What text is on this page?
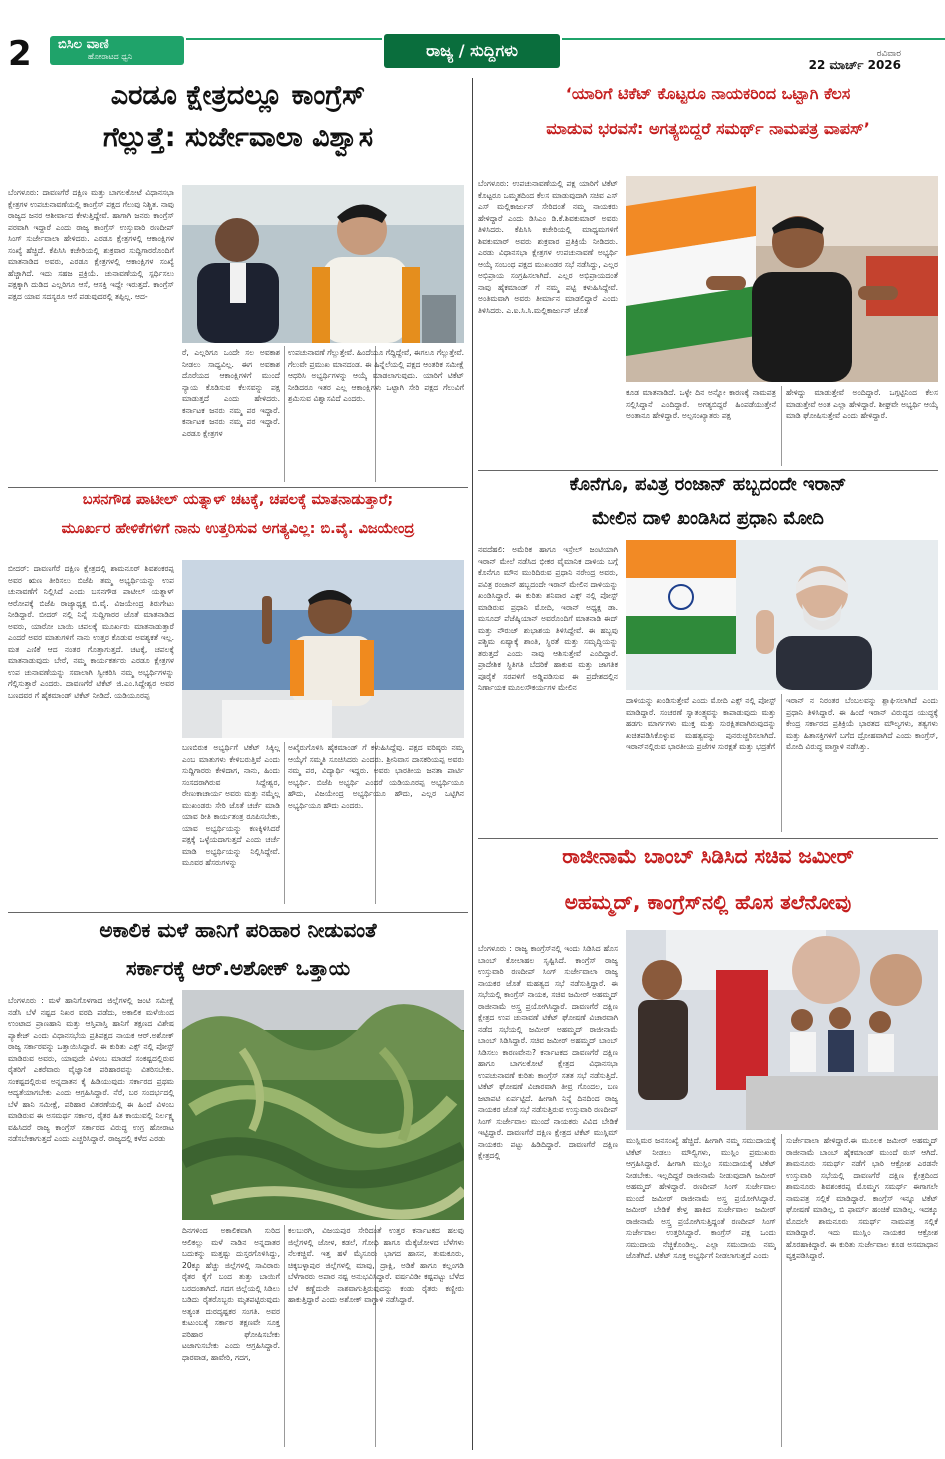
2 ಬಿಸಿಲ ವಾಣಿ
ಹೋರಾಟದ ಧ್ವನಿ	ರಾಜ್ಯ / ಸುದ್ದಿಗಳು	ರವಿವಾರ
22 ಮಾರ್ಚ್ 2026
ಎರಡೂ ಕ್ಷೇತ್ರದಲ್ಲೂ ಕಾಂಗ್ರೆಸ್
ಗೆಲ್ಲುತ್ತೆ: ಸುರ್ಜೇವಾಲಾ ವಿಶ್ವಾಸ
ಬೆಂಗಳೂರು: ದಾವಣಗೆರೆ ದಕ್ಷಿಣ ಮತ್ತು ಬಾಗಲಕೋಟೆ ವಿಧಾನಸಭಾ ಕ್ಷೇತ್ರಗಳ ಉಪಚುನಾವಣೆಯಲ್ಲಿ ಕಾಂಗ್ರೆಸ್ ಪಕ್ಷದ ಗೆಲುವು ನಿಶ್ಚಿತ. ನಾವು ರಾಜ್ಯದ ಜನರ ಆಶೀರ್ವಾದ ಕೇಳುತ್ತಿದ್ದೇವೆ. ಹಾಗಾಗಿ ಜನರು ಕಾಂಗ್ರೆಸ್ ಪರವಾಗಿ ಇದ್ದಾರೆ ಎಂದು ರಾಜ್ಯ ಕಾಂಗ್ರೆಸ್ ಉಸ್ತುವಾರಿ ರಣದೀಪ್ ಸಿಂಗ್ ಸುರ್ಜೇವಾಲಾ ಹೇಳಿದರು. ಎರಡೂ ಕ್ಷೇತ್ರಗಳಲ್ಲಿ ಆಕಾಂಕ್ಷಿಗಳ ಸಂಖ್ಯೆ ಹೆಚ್ಚಿದೆ. ಕೆಪಿಸಿಸಿ ಕಚೇರಿಯಲ್ಲಿ ಶುಕ್ರವಾರ ಸುದ್ದಿಗಾರರೊಂದಿಗೆ ಮಾತನಾಡಿದ ಅವರು, ಎರಡೂ ಕ್ಷೇತ್ರಗಳಲ್ಲಿ ಆಕಾಂಕ್ಷಿಗಳ ಸಂಖ್ಯೆ ಹೆಚ್ಚಾಗಿದೆ. ಇದು ಸಹಜ ಪ್ರಕ್ರಿಯೆ. ಚುನಾವಣೆಯಲ್ಲಿ ಸ್ಪರ್ಧಿಸಲು ಪಕ್ಷಕ್ಕಾಗಿ ದುಡಿದ ಎಲ್ಲರಿಗೂ ಆಸೆ, ಆಸಕ್ತಿ ಇದ್ದೇ ಇರುತ್ತದೆ. ಕಾಂಗ್ರೆಸ್ ಪಕ್ಷದ ಯಾವ ಸದಸ್ಯರೂ ಆಸೆ ಪಡುವುದರಲ್ಲಿ ತಪ್ಪಿಲ್ಲ. ಆದ-
ರೆ, ಎಲ್ಲರಿಗೂ ಒಂದೇ ಸಲ ಅವಕಾಶ ನೀಡಲು ಸಾಧ್ಯವಿಲ್ಲ. ಈಗ ಅವಕಾಶ ದೊರೆಯದ ಆಕಾಂಕ್ಷಿಗಳಿಗೆ ಮುಂದೆ ನ್ಯಾಯ ಕೊಡಿಸುವ ಕೆಲಸವನ್ನು ಪಕ್ಷ ಮಾಡುತ್ತದೆ ಎಂದು ಹೇಳಿದರು. ಕರ್ನಾಟಕ ಜನರು ನಮ್ಮ ಪರ ಇದ್ದಾರೆ. ಕರ್ನಾಟಕ ಜನರು ನಮ್ಮ ಪರ ಇದ್ದಾರೆ. ಎರಡೂ ಕ್ಷೇತ್ರಗಳ
ಉಪಚುನಾವಣೆ ಗೆಲ್ಲುತ್ತೇವೆ. ಹಿಂದೆಯೂ ಗೆದ್ದಿದ್ದೇವೆ, ಈಗಲೂ ಗೆಲ್ಲುತ್ತೇವೆ. ಗೆಲುವೇ ಪ್ರಮುಖ ಮಾನದಂಡ. ಈ ಹಿನ್ನೆಲೆಯಲ್ಲಿ ಪಕ್ಷದ ಆಂತರಿಕ ಸಮೀಕ್ಷೆ ಆಧರಿಸಿ ಅಭ್ಯರ್ಥಿಗಳನ್ನು ಆಯ್ಕೆ ಮಾಡಲಾಗುವುದು. ಯಾರಿಗೆ ಟಿಕೆಟ್ ನೀಡಿದರೂ ಇತರ ಎಲ್ಲ ಆಕಾಂಕ್ಷಿಗಳು ಒಟ್ಟಾಗಿ ಸೇರಿ ಪಕ್ಷದ ಗೆಲುವಿಗೆ ಶ್ರಮಿಸುವ ವಿಶ್ವಾಸವಿದೆ ಎಂದರು.
ಬಸನಗೌಡ ಪಾಟೀಲ್ ಯತ್ನಾಳ್ ಚಟಕ್ಕೆ, ಚಪಲಕ್ಕೆ ಮಾತನಾಡುತ್ತಾರೆ;
ಮೂರ್ಖರ ಹೇಳಿಕೆಗಳಿಗೆ ನಾನು ಉತ್ತರಿಸುವ ಅಗತ್ಯವಿಲ್ಲ: ಬಿ.ವೈ. ವಿಜಯೇಂದ್ರ
ಬೀದರ್: ದಾವಣಗೆರೆ ದಕ್ಷಿಣ ಕ್ಷೇತ್ರದಲ್ಲಿ ಶಾಮನೂರ್ ಶಿವಶಂಕರಪ್ಪ ಅವರ ಋಣ ತೀರಿಸಲು ಬಿಜೆಪಿ ತಮ್ಮ ಅಭ್ಯರ್ಥಿಯನ್ನು ಉಪ ಚುನಾವಣೆಗೆ ನಿಲ್ಲಿಸಿದೆ ಎಂದು ಬಸನಗೌಡ ಪಾಟೀಲ್ ಯತ್ನಾಳ್ ಆರೋಪಕ್ಕೆ ಬಿಜೆಪಿ ರಾಜ್ಯಾಧ್ಯಕ್ಷ ಬಿ.ವೈ. ವಿಜಯೇಂದ್ರ ತಿರುಗೇಟು ನೀಡಿದ್ದಾರೆ. ಬೀದರ್ ನಲ್ಲಿ ನಿನ್ನೆ ಸುದ್ದಿಗಾರರ ಜೊತೆ ಮಾತನಾಡಿದ ಅವರು, ಯಾರೋ ಬಾಯಿ ಚಪಲಕ್ಕೆ ಮೂರ್ಖರು ಮಾತನಾಡುತ್ತಾರೆ ಎಂದರೆ ಅವರ ಮಾತುಗಳಿಗೆ ನಾನು ಉತ್ತರ ಕೊಡುವ ಅವಶ್ಯಕತೆ ಇಲ್ಲ. ಮತ ಎಣಿಕೆ ಆದ ನಂತರ ಗೊತ್ತಾಗುತ್ತದೆ. ಚಟಕ್ಕೆ, ಚಪಲಕ್ಕೆ ಮಾತನಾಡುವುದು ಬೇರೆ, ನಮ್ಮ ಕಾರ್ಯಕರ್ತರು ಎರಡೂ ಕ್ಷೇತ್ರಗಳ ಉಪ ಚುನಾವಣೆಯನ್ನು ಸವಾಲಾಗಿ ಸ್ವೀಕರಿಸಿ ನಮ್ಮ ಅಭ್ಯರ್ಥಿಗಳನ್ನು ಗೆಲ್ಲಿಸುತ್ತಾರೆ ಎಂದರು. ದಾವಣಗೆರೆ ಟಿಕೆಟ್ ಜಿ.ಎಂ.ಸಿದ್ದೇಶ್ವರ ಅವರ ಬಣದವರ ಗೆ ಹೈಕಮಾಂಡ್ ಟಿಕೆಟ್ ನೀಡಿದೆ. ಯಡಿಯೂರಪ್ಪ
ಬಣಬಿರುಕ ಅಭ್ಯರ್ಥಿಗೆ ಟಿಕೆಟ್ ಸಿಕ್ಕಿಲ್ಲ ಎಂಬ ಮಾತುಗಳು ಕೇಳಿಬರುತ್ತಿವೆ ಎಂದು ಸುದ್ದಿಗಾರರು ಕೇಳಿದಾಗ, ನಾನು, ಹಿಂದು ಸಂಸದರಾಗಿರುವ ಸಿದ್ದೇಶ್ವರ, ರೇಣುಕಾಚಾರ್ಯ ಅವರು ಮತ್ತು ನಮ್ಮೆಲ್ಲ ಮುಖಂಡರು ಸೇರಿ ಜೊತೆ ಚರ್ಚೆ ಮಾಡಿ ಯಾವ ರೀತಿ ಕಾರ್ಯತಂತ್ರ ರೂಪಿಸಬೇಕು, ಯಾವ ಅಭ್ಯರ್ಥಿಯನ್ನು ಕಣಕ್ಕಿಳಿಸಿದರೆ ಪಕ್ಷಕ್ಕೆ ಒಳ್ಳೆಯದಾಗುತ್ತದೆ ಎಂದು ಚರ್ಚೆ ಮಾಡಿ ಅಭ್ಯರ್ಥಿಯನ್ನು ನಿಲ್ಲಿಸಿದ್ದೇವೆ. ಮೂವರ ಹೆಸರುಗಳನ್ನು
ಅಖೈರುಗೊಳಿಸಿ ಹೈಕಮಾಂಡ್ ಗೆ ಕಳುಹಿಸಿದ್ದೆವು. ಪಕ್ಷದ ವರಿಷ್ಠರು ನಮ್ಮ ಆಯ್ಕೆಗೆ ಸಮ್ಮತಿ ಸೂಚಿಸಿದರು ಎಂದರು. ಶ್ರೀನಿವಾಸ ದಾಸಕರಿಯಪ್ಪ ಅವರು ನಮ್ಮ ಪರ, ವಿದ್ಯಾರ್ಥಿ ಇದ್ದರು. ಅವರು ಭಾರತೀಯ ಜನತಾ ಪಾರ್ಟಿ ಅಭ್ಯರ್ಥಿ. ಬಿಜೆಪಿ ಅಭ್ಯರ್ಥಿ ಎಂದರೆ ಯಡಿಯೂರಪ್ಪ ಅಭ್ಯರ್ಥಿಯೂ ಹೌದು, ವಿಜಯೇಂದ್ರ ಅಭ್ಯರ್ಥಿಯೂ ಹೌದು, ಎಲ್ಲರ ಒಟ್ಟಿಗಿನ ಅಭ್ಯರ್ಥಿಯೂ ಹೌದು ಎಂದರು.
ಅಕಾಲಿಕ ಮಳೆ ಹಾನಿಗೆ ಪರಿಹಾರ ನೀಡುವಂತೆ
ಸರ್ಕಾರಕ್ಕೆ ಆರ್.ಅಶೋಕ್ ಒತ್ತಾಯ
ಬೆಂಗಳೂರು : ಮಳೆ ಹಾನಿಗೊಳಗಾದ ಜಿಲ್ಲೆಗಳಲ್ಲಿ ಜಂಟಿ ಸಮೀಕ್ಷೆ ನಡೆಸಿ ಬೆಳೆ ನಷ್ಟದ ನಿಖರ ವರದಿ ಪಡೆದು, ಅಕಾಲಿಕ ಮಳೆಯಿಂದ ಉಂಟಾದ ಪ್ರಾಣಹಾನಿ ಮತ್ತು ಆಸ್ತಿಪಾಸ್ತಿ ಹಾನಿಗೆ ತಕ್ಷಣದ ವಿಶೇಷ ಪ್ಯಾಕೇಜ್ ಎಂದು ವಿಧಾನಸಭೆಯ ಪ್ರತಿಪಕ್ಷದ ನಾಯಕ ಆರ್.ಅಶೋಕ್ ರಾಜ್ಯ ಸರ್ಕಾರವನ್ನು ಒತ್ತಾಯಿಸಿದ್ದಾರೆ. ಈ ಕುರಿತು ಎಕ್ಸ್ ನಲ್ಲಿ ಪೋಸ್ಟ್ ಮಾಡಿರುವ ಅವರು, ಯಾವುದೇ ವಿಳಂಬ ಮಾಡದೆ ಸಂಕಷ್ಟದಲ್ಲಿರುವ ರೈತರಿಗೆ ಎಕರೆವಾರು ವೈಜ್ಞಾನಿಕ ಪರಿಹಾರವನ್ನು ವಿತರಿಸಬೇಕು. ಸಂಕಷ್ಟದಲ್ಲಿರುವ ಅನ್ನದಾತನ ಕೈ ಹಿಡಿಯುವುದು ಸರ್ಕಾರದ ಪ್ರಥಮ ಆದ್ಯತೆಯಾಗಬೇಕು ಎಂದು ಆಗ್ರಹಿಸಿದ್ದಾರೆ. ನೆರೆ, ಬರ ಸಂದರ್ಭದಲ್ಲಿ ಬೆಳೆ ಹಾನಿ ಸಮೀಕ್ಷೆ, ಪರಿಹಾರ ವಿತರಣೆಯಲ್ಲಿ ಈ ಹಿಂದೆ ವಿಳಂಬ ಮಾಡಿರುವ ಈ ಅಸಮರ್ಥ ಸರ್ಕಾರ, ರೈತರ ಹಿತ ಕಾಯುವಲ್ಲಿ ನಿರ್ಲಕ್ಷ್ಯ ವಹಿಸಿದರೆ ರಾಜ್ಯ ಕಾಂಗ್ರೆಸ್ ಸರ್ಕಾರದ ವಿರುದ್ಧ ಉಗ್ರ ಹೋರಾಟ ನಡೆಸಬೇಕಾಗುತ್ತದೆ ಎಂದು ಎಚ್ಚರಿಸಿದ್ದಾರೆ. ರಾಜ್ಯದಲ್ಲಿ ಕಳೆದ ಎರಡು
ದಿನಗಳಿಂದ ಅಕಾಲಿಕವಾಗಿ ಸುರಿದ ಆಲಿಕಲ್ಲು ಮಳೆ ನಾಡಿನ ಅನ್ನದಾತರ ಬದುಕನ್ನು ಮತ್ತಷ್ಟು ದುಸ್ತರಗೊಳಿಸಿದ್ದು, 20ಕ್ಕೂ ಹೆಚ್ಚು ಜಿಲ್ಲೆಗಳಲ್ಲಿ ಸಾವಿರಾರು ರೈತರ ಕೈಗೆ ಬಂದ ತುತ್ತು ಬಾಯಿಗೆ ಬರದಂತಾಗಿದೆ. ಗದಗ ಜಿಲ್ಲೆಯಲ್ಲಿ ಸಿಡಿಲು ಬಡಿದು ರೈತರೊಬ್ಬರು ಮೃತಪಟ್ಟಿರುವುದು ಅತ್ಯಂತ ದುರದೃಷ್ಟಕರ ಸಂಗತಿ. ಅವರ ಕುಟುಂಬಕ್ಕೆ ಸರ್ಕಾರ ತಕ್ಷಣವೇ ಸೂಕ್ತ ಪರಿಹಾರ ಘೋಷಿಸಬೇಕು ಟಜಾಗುಸಬೇಕು ಎಂದು ಆಗ್ರಹಿಸಿದ್ದಾರೆ. ಧಾರವಾಡ, ಹಾವೇರಿ, ಗದಗ,
ಕಲಬುರಗಿ, ವಿಜಯಪುರ ಸೇರಿದಂತೆ ಉತ್ತರ ಕರ್ನಾಟಕದ ಹಲವು ಜಿಲ್ಲೆಗಳಲ್ಲಿ ಜೋಳ, ಕಡಲೆ, ಗೋಧಿ ಹಾಗೂ ಮೆಕ್ಕೆಜೋಳದ ಬೆಳೆಗಳು ನೆಲಕಚ್ಚಿವೆ. ಇತ್ತ ಹಳೆ ಮೈಸೂರು ಭಾಗದ ಹಾಸನ, ತುಮಕೂರು, ಚಿಕ್ಕಬಳ್ಳಾಪುರ ಜಿಲ್ಲೆಗಳಲ್ಲಿ ಮಾವು, ದ್ರಾಕ್ಷಿ, ಅಡಿಕೆ ಹಾಗೂ ಕಲ್ಲಂಗಡಿ ಬೆಳೆಗಾರರು ಅಪಾರ ನಷ್ಟ ಅನುಭವಿಸಿದ್ದಾರೆ. ವರ್ಷವಿಡೀ ಕಷ್ಟಪಟ್ಟು ಬೆಳೆದ ಬೆಳೆ ಕಣ್ಣೆದುರೇ ನಾಶವಾಗುತ್ತಿರುವುದನ್ನು ಕಂಡು ರೈತರು ಕಣ್ಣೀರು ಹಾಕುತ್ತಿದ್ದಾರೆ ಎಂದು ಅಶೋಕ್ ವಾಗ್ದಾಳಿ ನಡೆಸಿದ್ದಾರೆ.
‘ಯಾರಿಗೆ ಟಿಕೆಟ್ ಕೊಟ್ಟರೂ ನಾಯಕರಿಂದ ಒಟ್ಟಾಗಿ ಕೆಲಸ
ಮಾಡುವ ಭರವಸೆ: ಅಗತ್ಯಬಿದ್ದರೆ ಸಮರ್ಥ್ ನಾಮಪತ್ರ ವಾಪಸ್’
ಬೆಂಗಳೂರು: ಉಪಚುನಾವಣೆಯಲ್ಲಿ ಪಕ್ಷ ಯಾರಿಗೆ ಟಿಕೆಟ್ ಕೊಟ್ಟರೂ ಒಮ್ಮತದಿಂದ ಕೆಲಸ ಮಾಡುವುದಾಗಿ ಸಚಿವ ಎಸ್ ಎಸ್ ಮಲ್ಲಿಕಾರ್ಜುನ್ ಸೇರಿದಂತೆ ನಮ್ಮ ನಾಯಕರು ಹೇಳಿದ್ದಾರೆ ಎಂದು ಡಿಸಿಎಂ ಡಿ.ಕೆ.ಶಿವಕುಮಾರ್ ಅವರು ತಿಳಿಸಿದರು. ಕೆಪಿಸಿಸಿ ಕಚೇರಿಯಲ್ಲಿ ಮಾಧ್ಯಮಗಳಿಗೆ ಶಿವಕುಮಾರ್ ಅವರು ಶುಕ್ರವಾರ ಪ್ರತಿಕ್ರಿಯೆ ನೀಡಿದರು. ಎರಡು ವಿಧಾನಸಭಾ ಕ್ಷೇತ್ರಗಳ ಉಪಚುನಾವಣೆ ಅಭ್ಯರ್ಥಿ ಆಯ್ಕೆ ಸಂಬಂಧ ಪಕ್ಷದ ಮುಖಂಡರ ಸಭೆ ನಡೆಸಿದ್ದು, ಎಲ್ಲರ ಅಭಿಪ್ರಾಯ ಸಂಗ್ರಹಿಸಲಾಗಿದೆ. ಎಲ್ಲರ ಅಭಿಪ್ರಾಯದಂತೆ ನಾವು ಹೈಕಮಾಂಡ್ ಗೆ ನಮ್ಮ ಪಟ್ಟಿ ಕಳುಹಿಸಿದ್ದೇವೆ. ಅಂತಿಮವಾಗಿ ಅವರು ತೀರ್ಮಾನ ಮಾಡಲಿದ್ದಾರೆ ಎಂದು ತಿಳಿಸಿದರು. ಎ.ಐ.ಸಿ.ಸಿ.ಮಲ್ಲಿಕಾರ್ಜುನ್ ಜೊತೆ
ಕೂಡ ಮಾತನಾಡಿದೆ. ಒಳ್ಳೇ ದಿನ ಅನ್ನೋ ಕಾರಣಕ್ಕೆ ನಾಮಪತ್ರ ಸಲ್ಲಿಸಿದ್ದಾನೆ ಎಂದಿದ್ದಾರೆ. ಅಗತ್ಯಬಿದ್ದರೆ ಹಿಂಪಡೆಯುತ್ತೇನೆ ಅಂತಾನೂ ಹೇಳಿದ್ದಾರೆ. ಅಲ್ಪಸಂಖ್ಯಾತರು ಪಕ್ಷ
ಹೇಳಿದ್ದು ಮಾಡುತ್ತೇವೆ ಅಂದಿದ್ದಾರೆ. ಒಗ್ಗಟ್ಟಿನಿಂದ ಕೆಲಸ ಮಾಡುತ್ತೇವೆ ಅಂತ ಎಲ್ಲಾ ಹೇಳಿದ್ದಾರೆ. ಶೀಘ್ರವೇ ಅಭ್ಯರ್ಥಿ ಆಯ್ಕೆ ಮಾಡಿ ಘೋಷಿಸುತ್ತೇವೆ ಎಂದು ಹೇಳಿದ್ದಾರೆ.
ಕೊನೆಗೂ, ಪವಿತ್ರ ರಂಜಾನ್ ಹಬ್ಬದಂದೇ ಇರಾನ್
ಮೇಲಿನ ದಾಳಿ ಖಂಡಿಸಿದ ಪ್ರಧಾನಿ ಮೋದಿ
ನವದೆಹಲಿ: ಅಮೆರಿಕ ಹಾಗೂ ಇಸ್ರೇಲ್ ಜಂಟಿಯಾಗಿ ಇರಾನ್ ಮೇಲೆ ನಡೆಸಿದ ಭೀಕರ ವೈಮಾನಿಕ ದಾಳಿಯ ಬಗ್ಗೆ ಕೊನೆಗೂ ಮೌನ ಮುರಿದಿರುವ ಪ್ರಧಾನಿ ನರೇಂದ್ರ ಅವರು, ಪವಿತ್ರ ರಂಜಾನ್ ಹಬ್ಬದಂದೇ ಇರಾನ್ ಮೇಲಿನ ದಾಳಿಯನ್ನು ಖಂಡಿಸಿದ್ದಾರೆ. ಈ ಕುರಿತು ಶನಿವಾರ ಎಕ್ಸ್ ನಲ್ಲಿ ಪೋಸ್ಟ್ ಮಾಡಿರುವ ಪ್ರಧಾನಿ ಮೋದಿ, ಇರಾನ್ ಅಧ್ಯಕ್ಷ ಡಾ. ಮಸೂದ್ ಪೆಜೆಷ್ಕಿಯಾನ್ ಅವರೊಂದಿಗೆ ಮಾತನಾಡಿ ಈದ್ ಮತ್ತು ನೌರುಜ್ ಶುಭಾಶಯ ತಿಳಿಸಿದ್ದೇವೆ. ಈ ಹಬ್ಬವು ಪಶ್ಚಿಮ ಏಷ್ಯಾಕ್ಕೆ ಶಾಂತಿ, ಸ್ಥಿರತೆ ಮತ್ತು ಸಮೃದ್ಧಿಯನ್ನು ತರುತ್ತದೆ ಎಂದು ನಾವು ಆಶಿಸುತ್ತೇವೆ ಎಂದಿದ್ದಾರೆ. ಪ್ರಾದೇಶಿಕ ಸ್ಥಿತಿಗತಿ ಬೆದರಿಕೆ ಹಾಕುವ ಮತ್ತು ಜಾಗತಿಕ ಪೂರೈಕೆ ಸರಪಳಿಗೆ ಅಡ್ಡಿಪಡಿಸುವ ಈ ಪ್ರದೇಶದಲ್ಲಿನ ನಿರ್ಣಾಯಕ ಮೂಲಸೌಕರ್ಯಗಳ ಮೇಲಿನ
ದಾಳಿಯನ್ನು ಖಂಡಿಸುತ್ತೇವೆ ಎಂದು ಮೋದಿ ಎಕ್ಸ್ ನಲ್ಲಿ ಪೋಸ್ಟ್ ಮಾಡಿದ್ದಾರೆ. ಸಂಚರಣೆ ಸ್ವಾತಂತ್ರ್ಯವನ್ನು ಕಾಪಾಡುವುದು ಮತ್ತು ಹಡಗು ಮಾರ್ಗಗಳು ಮುಕ್ತ ಮತ್ತು ಸುರಕ್ಷಿತವಾಗಿರುವುದನ್ನು ಖಚಿತಪಡಿಸಿಕೊಳ್ಳುವ ಮಹತ್ವವನ್ನು ಪುನರುಚ್ಚರಿಸಲಾಗಿದೆ. ಇರಾನ್‌ನಲ್ಲಿರುವ ಭಾರತೀಯ ಪ್ರಜೆಗಳ ಸುರಕ್ಷತೆ ಮತ್ತು ಭದ್ರತೆಗೆ
ಇರಾನ್ ನ ನಿರಂತರ ಬೆಂಬಲವನ್ನು ಶ್ಲಾಘಿಸಲಾಗಿದೆ ಎಂದು ಪ್ರಧಾನಿ ತಿಳಿಸಿದ್ದಾರೆ. ಈ ಹಿಂದೆ ಇರಾನ್ ವಿರುದ್ಧದ ಯುದ್ಧಕ್ಕೆ ಕೇಂದ್ರ ಸರ್ಕಾರದ ಪ್ರತಿಕ್ರಿಯೆ ಭಾರತದ ಮೌಲ್ಯಗಳು, ತತ್ವಗಳು ಮತ್ತು ಹಿತಾಸಕ್ತಿಗಳಿಗೆ ಬಗೆದ ದ್ರೋಹವಾಗಿದೆ ಎಂದು ಕಾಂಗ್ರೆಸ್, ಮೋದಿ ವಿರುದ್ಧ ವಾಗ್ದಾಳಿ ನಡೆಸಿತ್ತು.
ರಾಜೀನಾಮೆ ಬಾಂಬ್ ಸಿಡಿಸಿದ ಸಚಿವ ಜಮೀರ್
ಅಹಮ್ಮದ್, ಕಾಂಗ್ರೆಸ್‌ನಲ್ಲಿ ಹೊಸ ತಲೆನೋವು
ಬೆಂಗಳೂರು : ರಾಜ್ಯ ಕಾಂಗ್ರೆಸ್‌ನಲ್ಲಿ ಇಂದು ಸಿಡಿಸಿದ ಹೊಸ ಬಾಂಬ್ ಕೋಲಾಹಲ ಸೃಷ್ಟಿಸಿದೆ. ಕಾಂಗ್ರೆಸ್ ರಾಜ್ಯ ಉಸ್ತುವಾರಿ ರಣದೀಪ್ ಸಿಂಗ್ ಸುರ್ಜೇವಾಲಾ ರಾಜ್ಯ ನಾಯಕರ ಜೊತೆ ಮಹತ್ವದ ಸಭೆ ನಡೆಸುತ್ತಿದ್ದಾರೆ. ಈ ಸಭೆಯಲ್ಲಿ ಕಾಂಗ್ರೆಸ್ ನಾಯಕ, ಸಚಿವ ಜಮೀರ್ ಅಹಮ್ಮದ್ ರಾಜೀನಾಮೆ ಅಸ್ತ್ರ ಪ್ರಯೋಗಿಸಿದ್ದಾರೆ. ದಾವಣಗೆರೆ ದಕ್ಷಿಣ ಕ್ಷೇತ್ರದ ಉಪ ಚುನಾವಣೆ ಟಿಕೆಟ್ ಘೋಷಣೆ ವಿಚಾರವಾಗಿ ನಡೆದ ಸಭೆಯಲ್ಲಿ ಜಮೀರ್ ಅಹಮ್ಮದ್ ರಾಜೀನಾಮೆ ಬಾಂಬ್ ಸಿಡಿಸಿದ್ದಾರೆ. ಸಚಿವ ಜಮೀರ್ ಅಹಮ್ಮದ್ ಬಾಂಬ್ ಸಿಡಿಸಲು ಕಾರಣವೇನು? ಕರ್ನಾಟಕದ ದಾವಣಗೆರೆ ದಕ್ಷಿಣ ಹಾಗೂ ಬಾಗಲಕೋಟೆ ಕ್ಷೇತ್ರದ ವಿಧಾನಸಭಾ ಉಪಚುನಾವಣೆ ಕುರಿತು ಕಾಂಗ್ರೆಸ್ ಸತತ ಸಭೆ ನಡೆಸುತ್ತಿದೆ. ಟಿಕೆಟ್ ಘೋಷಣೆ ವಿಚಾರವಾಗಿ ತೀವ್ರ ಗೊಂದಲ, ಬಣ ಜಟಾಪಟಿ ಏರ್ಪಟ್ಟಿದೆ. ಹೀಗಾಗಿ ನಿನ್ನೆ ದಿನದಿಂದ ರಾಜ್ಯ ನಾಯಕರ ಜೊತೆ ಸಭೆ ನಡೆಸುತ್ತಿರುವ ಉಸ್ತುವಾರಿ ರಣದೀಪ್ ಸಿಂಗ್ ಸುರ್ಜೇವಾಲ ಮುಂದೆ ನಾಯಕರು ವಿವಿದ ಬೇಡಿಕೆ ಇಟ್ಟಿದ್ದಾರೆ. ದಾವಣಗೆರೆ ದಕ್ಷಿಣ ಕ್ಷೇತ್ರದ ಟಿಕೆಟ್ ಮುಸ್ಲಿಮ್ ನಾಯಕರು ಪಟ್ಟು ಹಿಡಿದಿದ್ದಾರೆ. ದಾವಣಗೆರೆ ದಕ್ಷಿಣ ಕ್ಷೇತ್ರದಲ್ಲಿ
ಮುಸ್ಲಿಮರ ಜನಸಂಖ್ಯೆ ಹೆಚ್ಚಿದೆ. ಹೀಗಾಗಿ ನಮ್ಮ ಸಮುದಾಯಕ್ಕೆ ಟಿಕೆಟ್ ನೀಡಲು ಮೌಲ್ವಿಗಳು, ಮುಸ್ಲಿಂ ಪ್ರಮುಖರು ಆಗ್ರಹಿಸಿದ್ದಾರೆ. ಹೀಗಾಗಿ ಮುಸ್ಲಿಂ ಸಮುದಾಯಕ್ಕೆ ಟಿಕೆಟ್ ನೀಡಬೇಕು. ಇಲ್ಲದಿದ್ದರೆ ರಾಜೀನಾಮೆ ನೀಡುವುದಾಗಿ ಜಮೀರ್ ಅಹಮ್ಮದ್ ಹೇಳಿದ್ದಾರೆ. ರಣದೀಪ್ ಸಿಂಗ್ ಸುರ್ಜೇವಾಲ ಮುಂದೆ ಜಮೀರ್ ರಾಜೀನಾಮೆ ಅಸ್ತ್ರ ಪ್ರಯೋಗಿಸಿದ್ದಾರೆ. ಜಮೀರ್ ಬೇಡಿಕೆ ಕೇಳ್ತ ಹಾಕಿದ ಸುರ್ಜೇವಾಲ ಜಮೀರ್ ರಾಜೀನಾಮೆ ಅಸ್ತ್ರ ಪ್ರಯೋಗಿಸುತ್ತಿದ್ದಂತೆ ರಣದೀಪ್ ಸಿಂಗ್ ಸುರ್ಜೇವಾಲ ಉತ್ತರಿಸಿದ್ದಾರೆ. ಕಾಂಗ್ರೆಸ್ ಪಕ್ಷ ಒಂದು ಸಮುದಾಯ ನೆಚ್ಚಿಕೊಂಡಿಲ್ಲ. ಎಲ್ಲಾ ಸಮುದಾಯ ನಮ್ಮ ಜೊತೆಗಿದೆ. ಟಿಕೆಟ್ ಸೂಕ್ತ ಅಭ್ಯರ್ಥಿಗೆ ನೀಡಲಾಗುತ್ತದೆ ಎಂದು
ಸುರ್ಜೇವಾಲಾ ಹೇಳಿದ್ದಾರೆ.ಈ ಮೂಲಕ ಜಮೀರ್ ಅಹಮ್ಮದ್ ರಾಜೀನಾಮೆ ಬಾಂಬ್ ಹೈಕಮಾಂಡ್ ಮುಂದೆ ಠುಸ್ ಆಗಿದೆ. ಶಾಮನೂರು ಸಮರ್ಥ್ ನಡೆಗೆ ಭಾರಿ ಆಕ್ರೋಶ ಎರಡನೇ ಉಸ್ತುವಾರಿ ಸಭೆಯಲ್ಲಿ ದಾವಣಗೆರೆ ದಕ್ಷಿಣ ಕ್ಷೇತ್ರದಿಂದ ಶಾಮನೂರು ಶಿವಶಂಕರಪ್ಪ ಮೊಮ್ಮಗ ಸಮರ್ಥ್ ಈಗಾಗಲೇ ನಾಮಪತ್ರ ಸಲ್ಲಿಕೆ ಮಾಡಿದ್ದಾರೆ. ಕಾಂಗ್ರೆಸ್ ಇನ್ನೂ ಟಿಕೆಟ್ ಘೋಷಣೆ ಮಾಡಿಲ್ಲ, ಬಿ ಫಾರ್ಮ್ ಹಂಚಿಕೆ ಮಾಡಿಲ್ಲ. ಇದಕ್ಕೂ ಮೊದಲೇ ಶಾಮನೂರು ಸಮರ್ಥ್ ನಾಮಪತ್ರ ಸಲ್ಲಿಕೆ ಮಾಡಿದ್ದಾರೆ. ಇದು ಮುಸ್ಲಿಂ ನಾಯಕರ ಆಕ್ರೋಶ ಹೊರಹಾಕಿದ್ದಾರೆ. ಈ ಕುರಿತು ಸುರ್ಜೇವಾಲ ಕೂಡ ಅಸಮಾಧಾನ ವ್ಯಕ್ತಪಡಿಸಿದ್ದಾರೆ.
